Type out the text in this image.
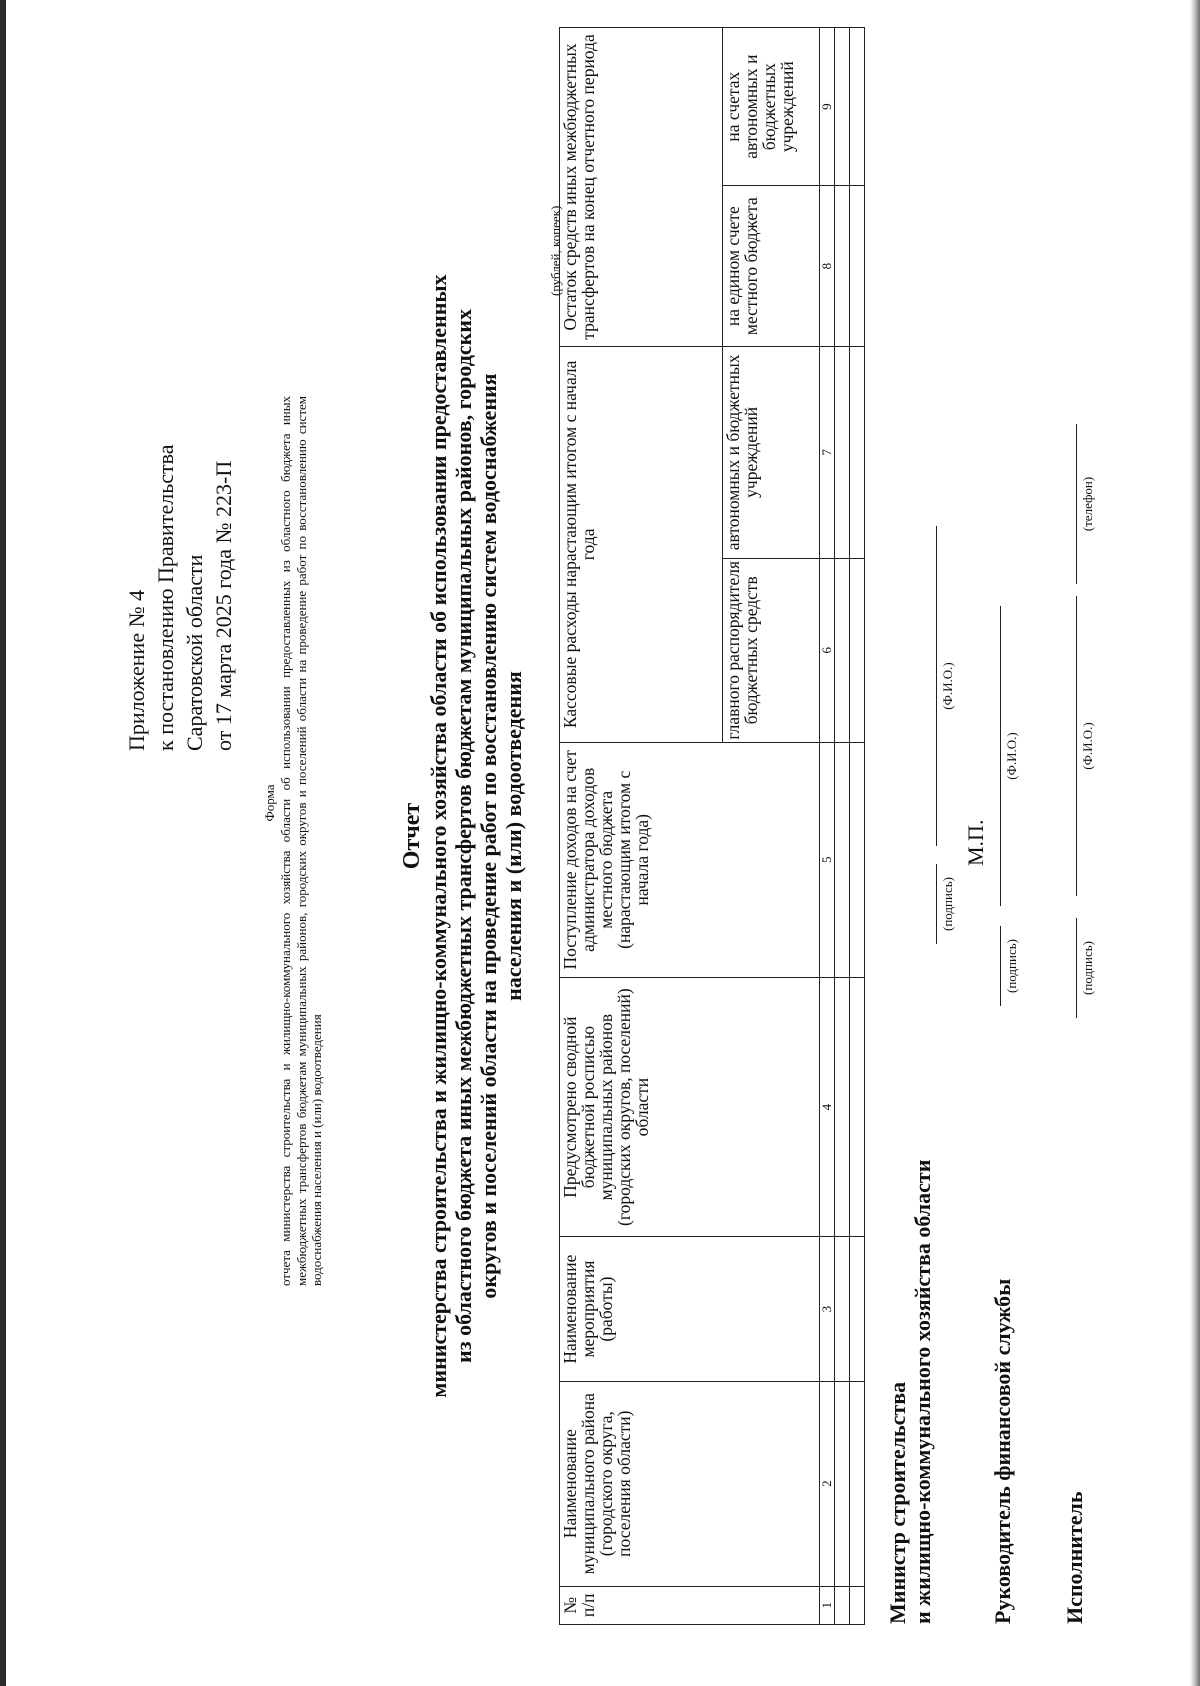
Приложение № 4 к постановлению Правительства Саратовской области от 17 марта 2025 года № 223-П
Форма отчета министерства строительства и жилищно-коммунального хозяйства области об использовании предоставленных из областного бюджета иных межбюджетных трансфертов бюджетам муниципальных районов, городских округов и поселений области на проведение работ по восстановлению систем водоснабжения населения и (или) водоотведения
Отчет министерства строительства и жилищно-коммунального хозяйства области об использовании предоставленных из областного бюджета иных межбюджетных трансфертов бюджетам муниципальных районов, городских округов и поселений области на проведение работ по восстановлению систем водоснабжения населения и (или) водоотведения
(рублей, копеек)
№ п/п	Наименование муниципального района (городского округа, поселения области)	Наименование мероприятия (работы)	Предусмотрено сводной бюджетной росписью муниципальных районов (городских округов, поселений) области	Поступление доходов на счет администратора доходов местного бюджета (нарастающим итогом с начала года)	Кассовые расходы нарастающим итогом с начала года		Остаток средств иных межбюджетных трансфертов на конец отчетного периода	
					главного распорядителя бюджетных средств	автономных и бюджетных учреждений	на едином счете местного бюджета	на счетах автономных и бюджетных учреждений
1	2	3	4	5	6	7	8	9

Министр строительства и жилищно-коммунального хозяйства области
(подпись)
(Ф.И.О.)
М.П.
Руководитель финансовой службы
(подпись)
(Ф.И.О.)
Исполнитель
(подпись)
(Ф.И.О.)
(телефон)
